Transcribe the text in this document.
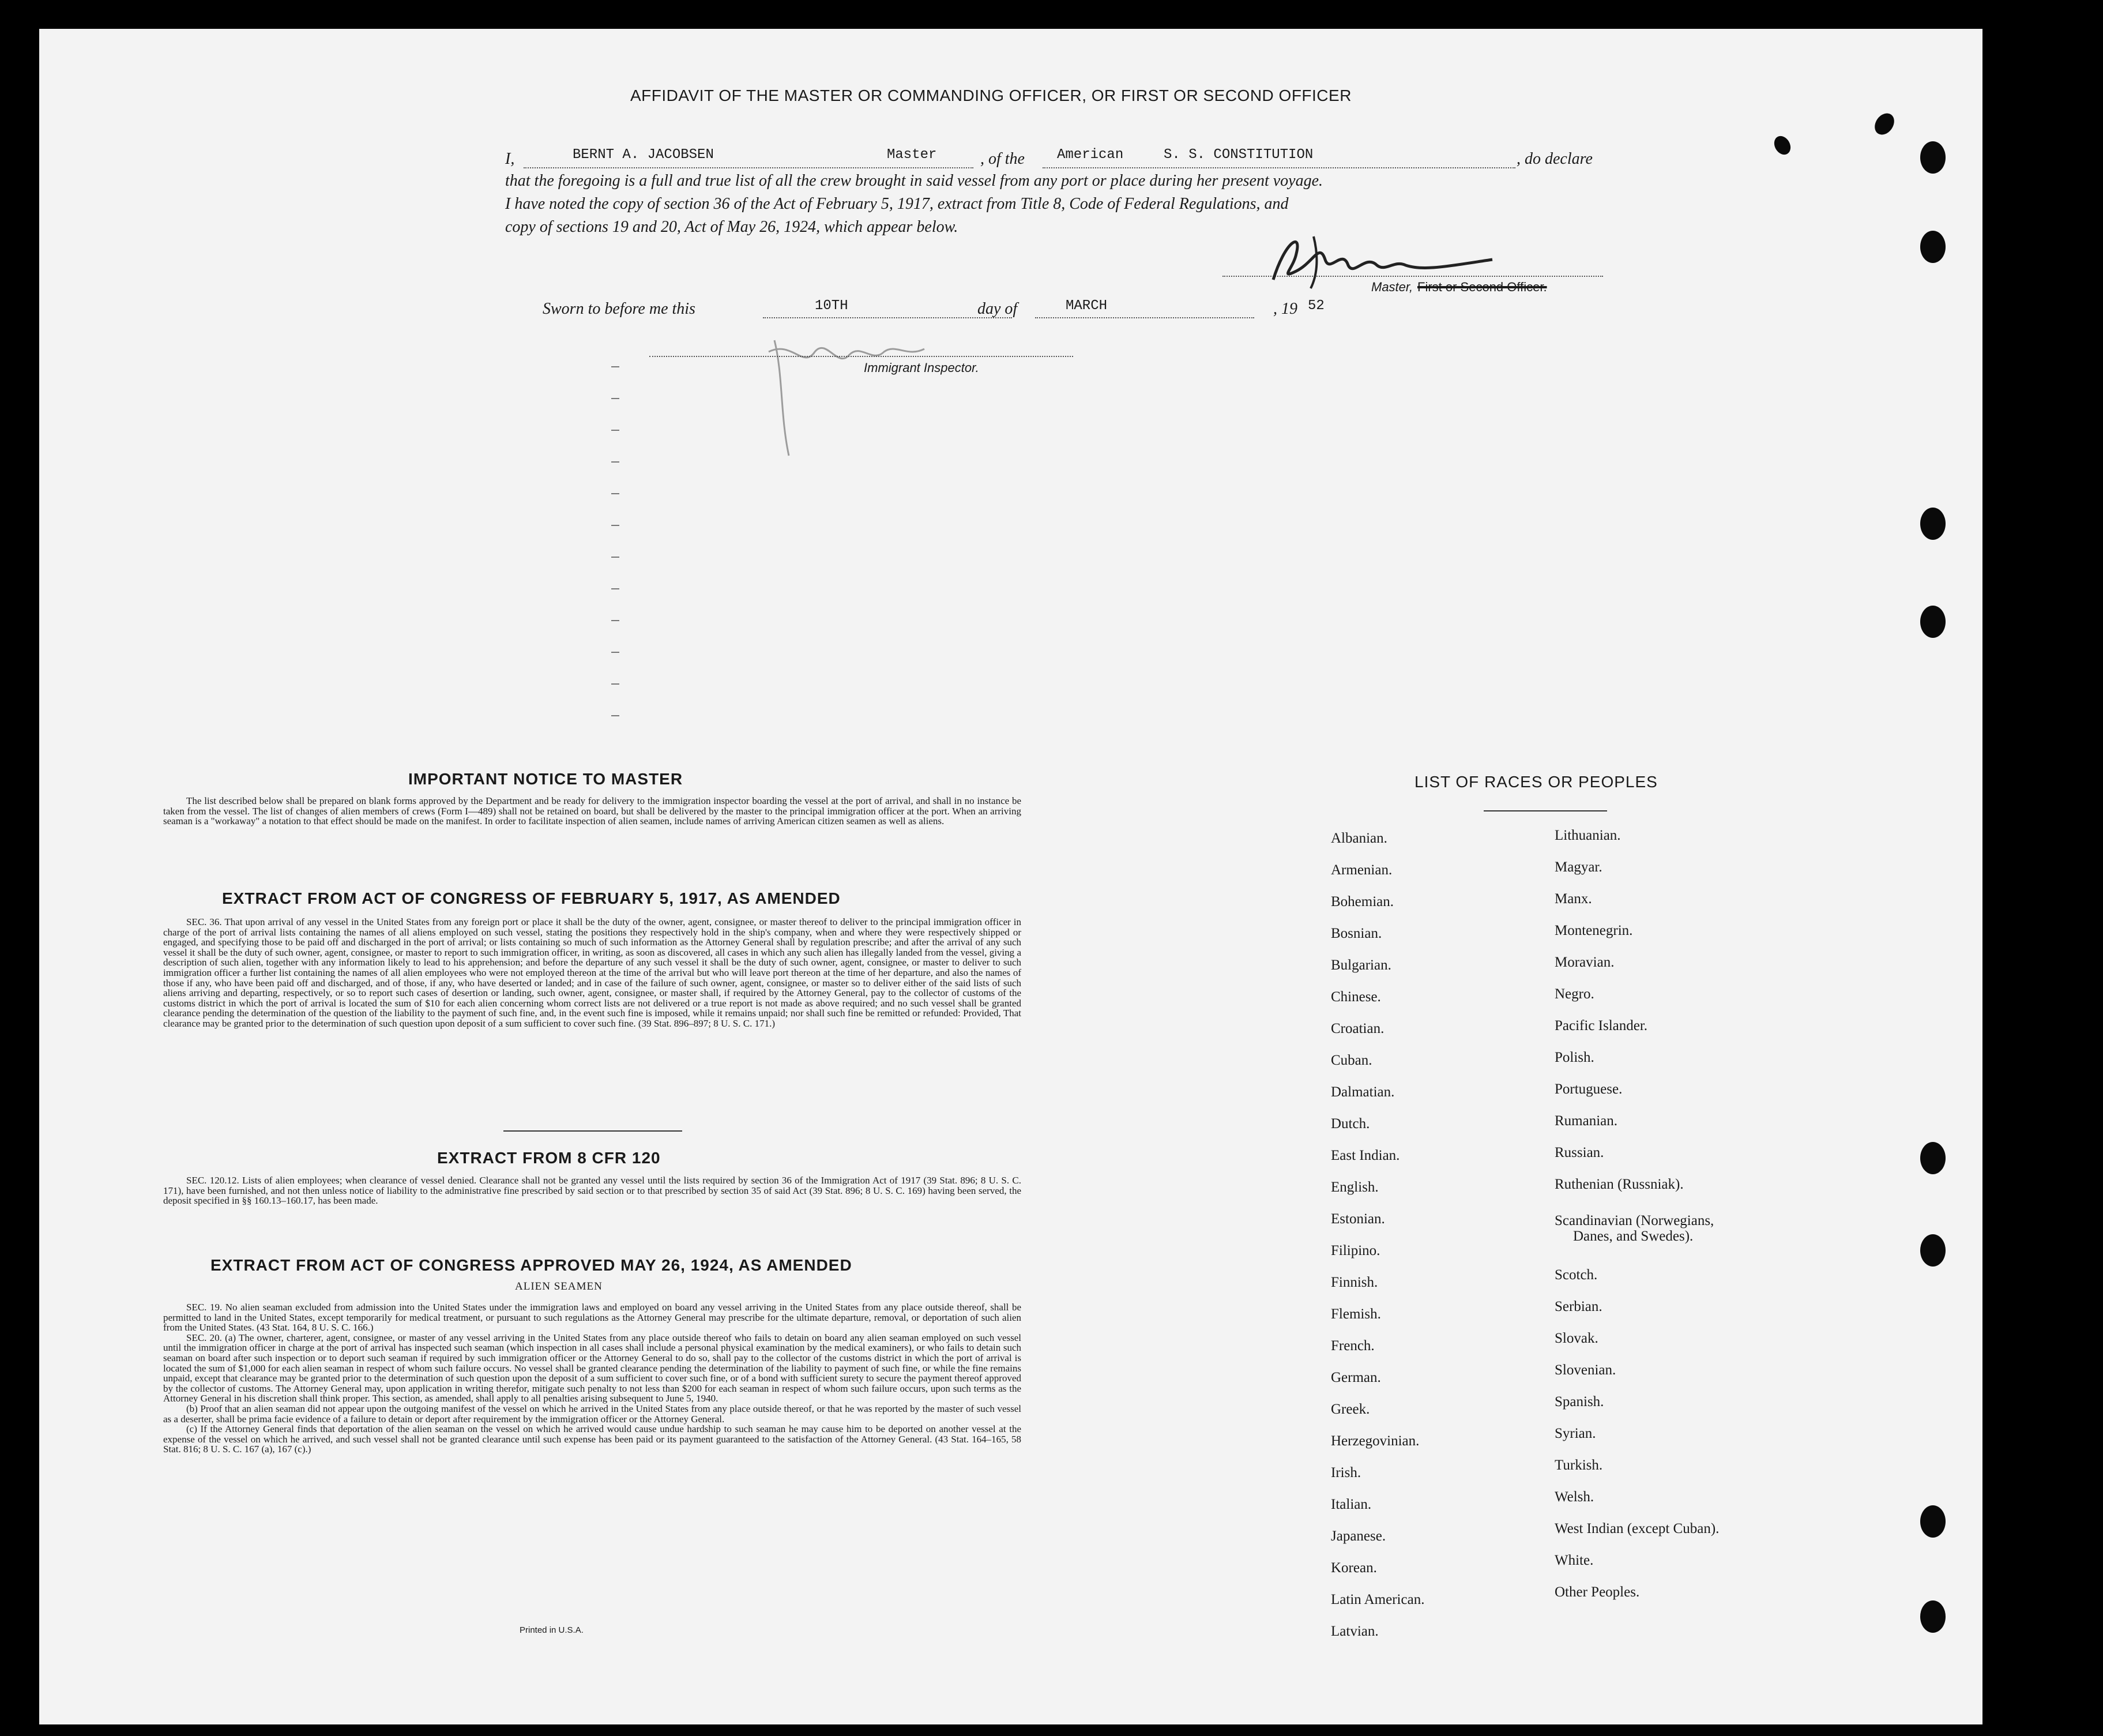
AFFIDAVIT OF THE MASTER OR COMMANDING OFFICER, OR FIRST OR SECOND OFFICER
I,	BERNT A. JACOBSEN	Master	, of the American	S. S. CONSTITUTION	, do declare
that the foregoing is a full and true list of all the crew brought in said vessel from any port or place during her present voyage.
I have noted the copy of section 36 of the Act of February 5, 1917, extract from Title 8, Code of Federal Regulations, and
copy of sections 19 and 20, Act of May 26, 1924, which appear below.
Master, First or Second Officer.
Sworn to before me this	10TH	day of	MARCH	, 19 52
Immigrant Inspector.
IMPORTANT NOTICE TO MASTER
The list described below shall be prepared on blank forms approved by the Department and be ready for delivery to the immigration inspector boarding the vessel at the port of arrival, and shall in no instance be taken from the vessel. The list of changes of alien members of crews (Form I—489) shall not be retained on board, but shall be delivered by the master to the principal immigration officer at the port. When an arriving seaman is a "workaway" a notation to that effect should be made on the manifest. In order to facilitate inspection of alien seamen, include names of arriving American citizen seamen as well as aliens.
EXTRACT FROM ACT OF CONGRESS OF FEBRUARY 5, 1917, AS AMENDED
SEC. 36. That upon arrival of any vessel in the United States from any foreign port or place it shall be the duty of the owner, agent, consignee, or master thereof to deliver to the principal immigration officer in charge of the port of arrival lists containing the names of all aliens employed on such vessel, stating the positions they respectively hold in the ship's company, when and where they were respectively shipped or engaged, and specifying those to be paid off and discharged in the port of arrival; or lists containing so much of such information as the Attorney General shall by regulation prescribe; and after the arrival of any such vessel it shall be the duty of such owner, agent, consignee, or master to report to such immigration officer, in writing, as soon as discovered, all cases in which any such alien has illegally landed from the vessel, giving a description of such alien, together with any information likely to lead to his apprehension; and before the departure of any such vessel it shall be the duty of such owner, agent, consignee, or master to deliver to such immigration officer a further list containing the names of all alien employees who were not employed thereon at the time of the arrival but who will leave port thereon at the time of her departure, and also the names of those if any, who have been paid off and discharged, and of those, if any, who have deserted or landed; and in case of the failure of such owner, agent, consignee, or master so to deliver either of the said lists of such aliens arriving and departing, respectively, or so to report such cases of desertion or landing, such owner, agent, consignee, or master shall, if required by the Attorney General, pay to the collector of customs of the customs district in which the port of arrival is located the sum of $10 for each alien concerning whom correct lists are not delivered or a true report is not made as above required; and no such vessel shall be granted clearance pending the determination of the question of the liability to the payment of such fine, and, in the event such fine is imposed, while it remains unpaid; nor shall such fine be remitted or refunded: Provided, That clearance may be granted prior to the determination of such question upon deposit of a sum sufficient to cover such fine. (39 Stat. 896–897; 8 U. S. C. 171.)
EXTRACT FROM 8 CFR 120
SEC. 120.12. Lists of alien employees; when clearance of vessel denied. Clearance shall not be granted any vessel until the lists required by section 36 of the Immigration Act of 1917 (39 Stat. 896; 8 U. S. C. 171), have been furnished, and not then unless notice of liability to the administrative fine prescribed by said section or to that prescribed by section 35 of said Act (39 Stat. 896; 8 U. S. C. 169) having been served, the deposit specified in §§ 160.13–160.17, has been made.
EXTRACT FROM ACT OF CONGRESS APPROVED MAY 26, 1924, AS AMENDED
ALIEN SEAMEN

SEC. 19. No alien seaman excluded from admission into the United States under the immigration laws and employed on board any vessel arriving in the United States from any place outside thereof, shall be permitted to land in the United States, except temporarily for medical treatment, or pursuant to such regulations as the Attorney General may prescribe for the ultimate departure, removal, or deportation of such alien from the United States. (43 Stat. 164, 8 U. S. C. 166.)

SEC. 20. (a) The owner, charterer, agent, consignee, or master of any vessel arriving in the United States from any place outside thereof who fails to detain on board any alien seaman employed on such vessel until the immigration officer in charge at the port of arrival has inspected such seaman (which inspection in all cases shall include a personal physical examination by the medical examiners), or who fails to detain such seaman on board after such inspection or to deport such seaman if required by such immigration officer or the Attorney General to do so, shall pay to the collector of the customs district in which the port of arrival is located the sum of $1,000 for each alien seaman in respect of whom such failure occurs. No vessel shall be granted clearance pending the determination of the liability to payment of such fine, or while the fine remains unpaid, except that clearance may be granted prior to the determination of such question upon the deposit of a sum sufficient to cover such fine, or of a bond with sufficient surety to secure the payment thereof approved by the collector of customs. The Attorney General may, upon application in writing therefor, mitigate such penalty to not less than $200 for each seaman in respect of whom such failure occurs, upon such terms as the Attorney General in his discretion shall think proper. This section, as amended, shall apply to all penalties arising subsequent to June 5, 1940.

(b) Proof that an alien seaman did not appear upon the outgoing manifest of the vessel on which he arrived in the United States from any place outside thereof, or that he was reported by the master of such vessel as a deserter, shall be prima facie evidence of a failure to detain or deport after requirement by the immigration officer or the Attorney General.

(c) If the Attorney General finds that deportation of the alien seaman on the vessel on which he arrived would cause undue hardship to such seaman he may cause him to be deported on another vessel at the expense of the vessel on which he arrived, and such vessel shall not be granted clearance until such expense has been paid or its payment guaranteed to the satisfaction of the Attorney General. (43 Stat. 164–165, 58 Stat. 816; 8 U. S. C. 167 (a), 167 (c).)

Printed in U.S.A.
LIST OF RACES OR PEOPLES
Albanian.
Armenian.
Bohemian.
Bosnian.
Bulgarian.
Chinese.
Croatian.
Cuban.
Dalmatian.
Dutch.
East Indian.
English.
Estonian.
Filipino.
Finnish.
Flemish.
French.
German.
Greek.
Herzegovinian.
Irish.
Italian.
Japanese.
Korean.
Latin American.
Latvian.
Lithuanian.
Magyar.
Manx.
Montenegrin.
Moravian.
Negro.
Pacific Islander.
Polish.
Portuguese.
Rumanian.
Russian.
Ruthenian (Russniak).
Scandinavian (Norwegians,
Danes, and Swedes).
Scotch.
Serbian.
Slovak.
Slovenian.
Spanish.
Syrian.
Turkish.
Welsh.
West Indian (except Cuban).
White.
Other Peoples.
